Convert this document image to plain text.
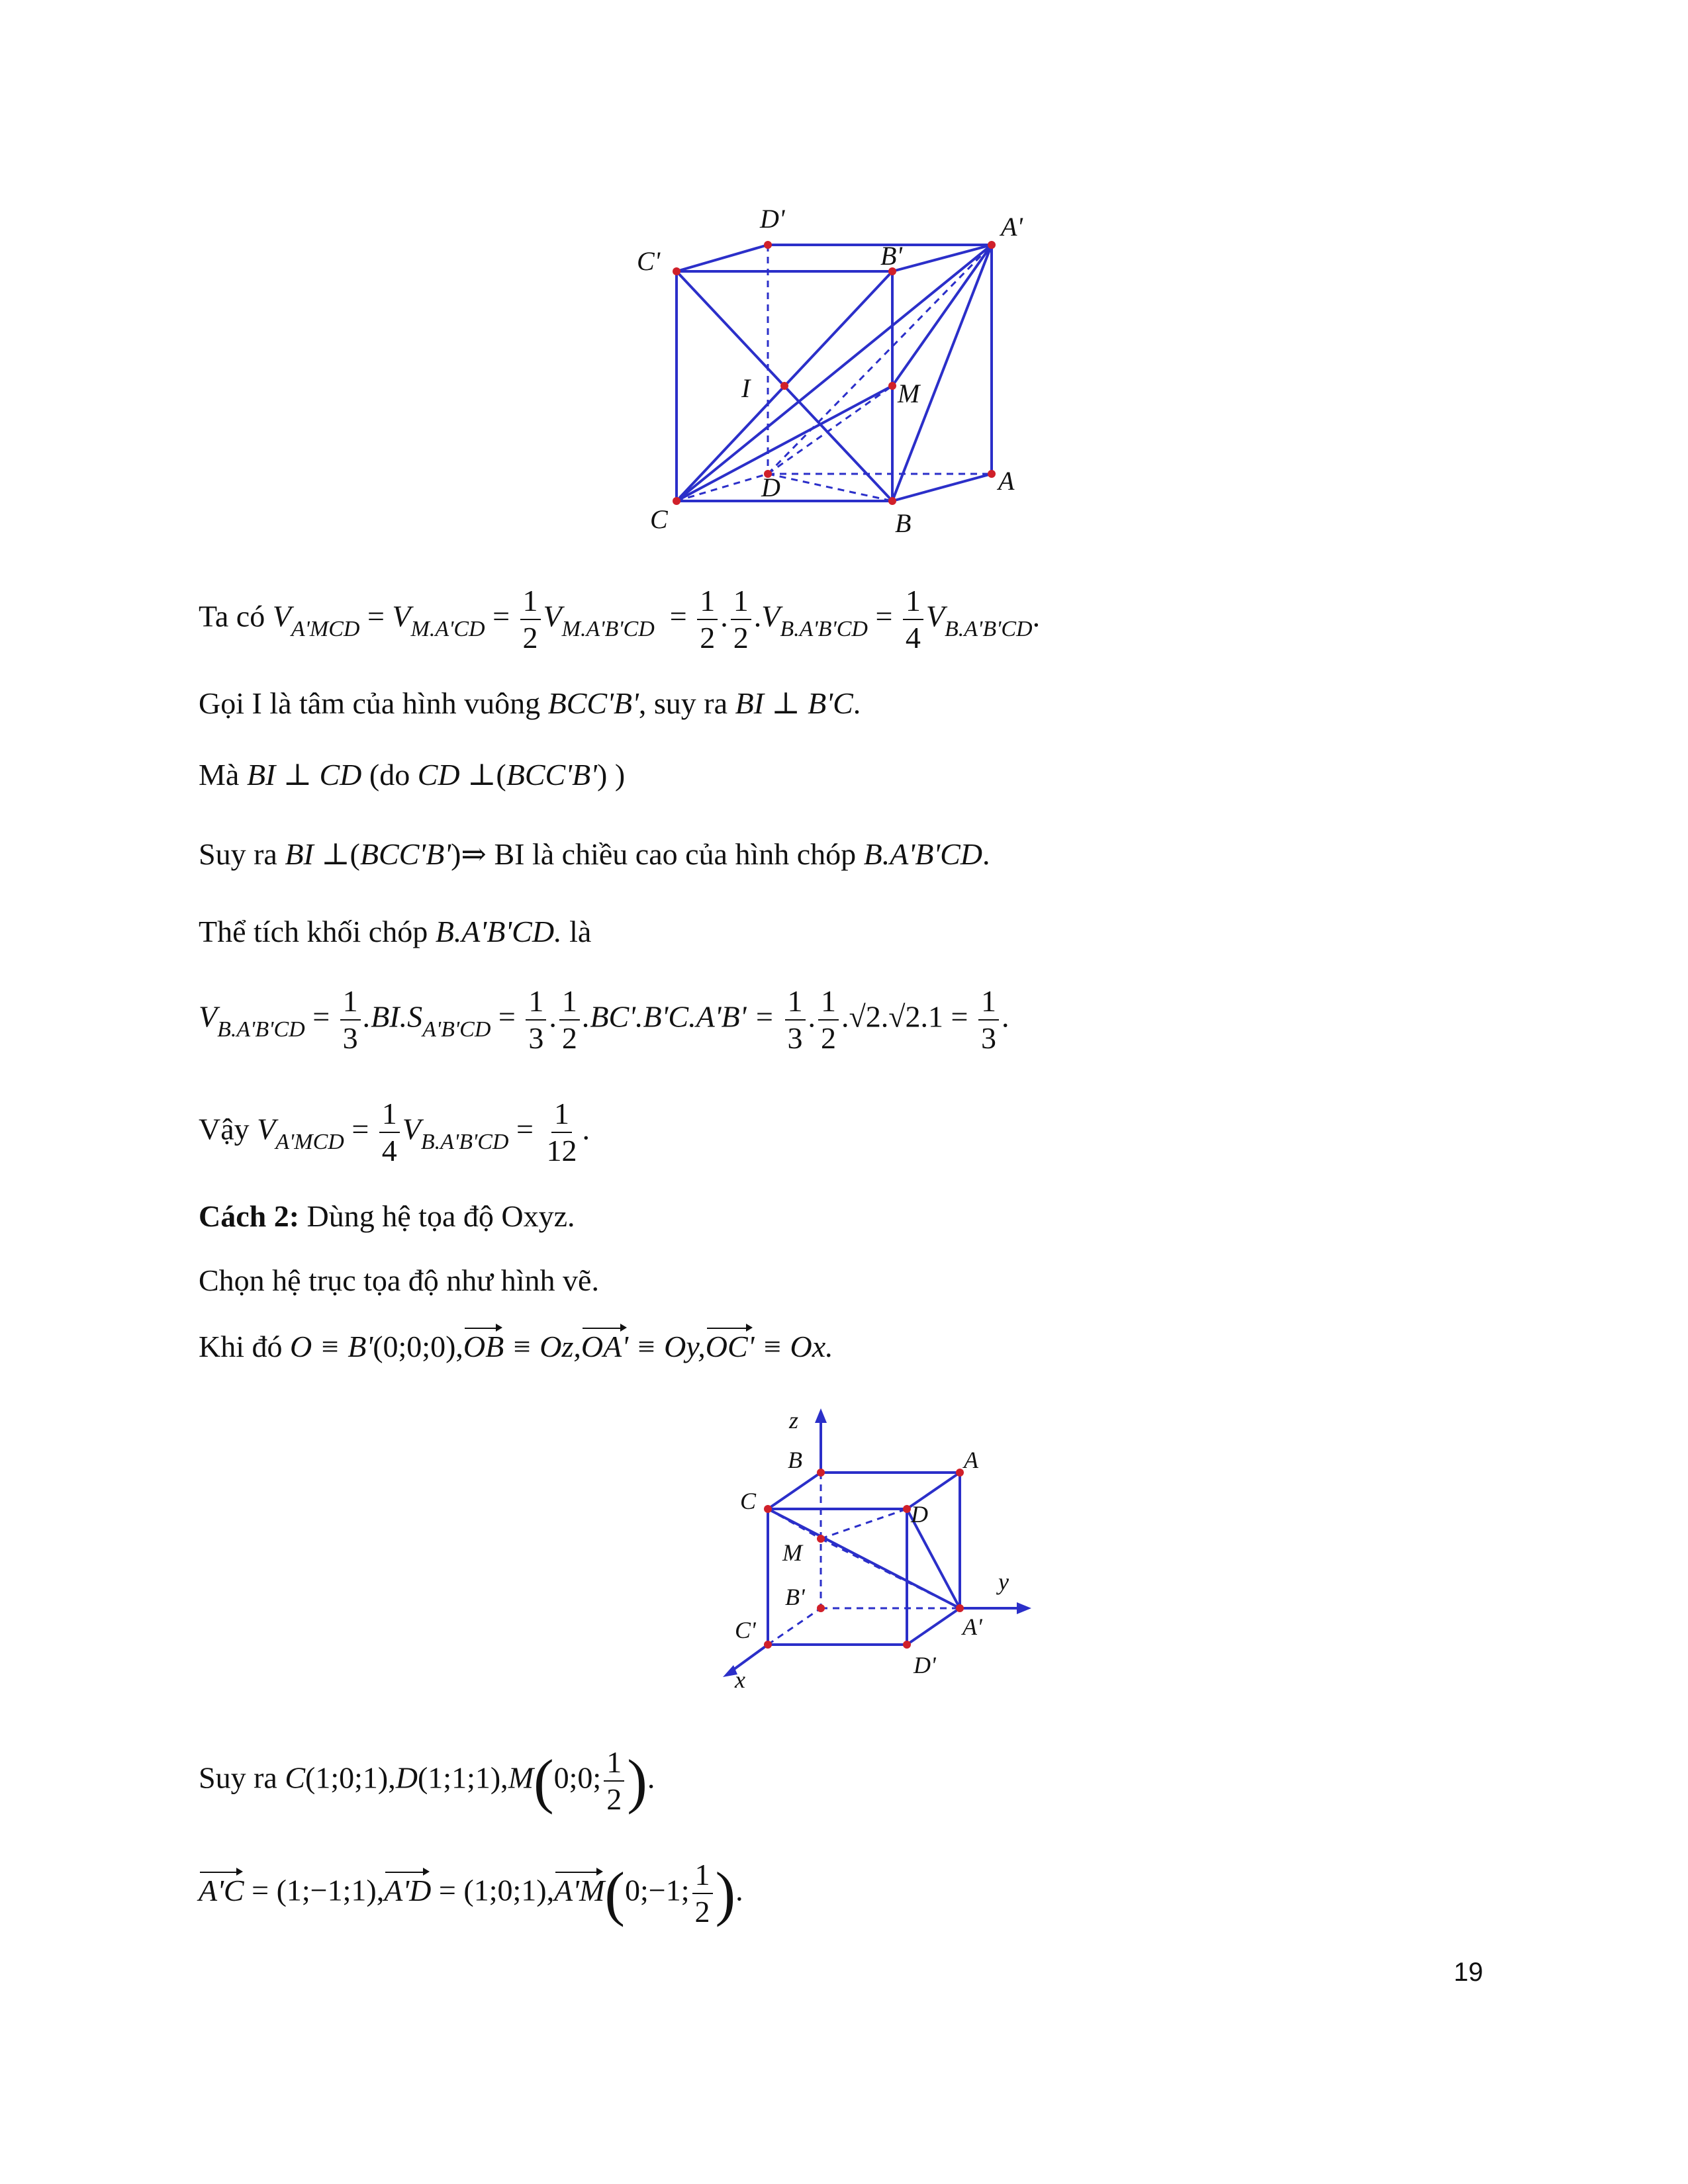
D'	A'
C'	B'
I	M
D	A
C	B
Ta có $V_{A'MCD} = V_{M.A'CD} = \frac{1}{2} V_{M.A'B'CD} = \frac{1}{2}$ . $\frac{1}{2} .V_{B.A'B'CD} = \frac{1}{4} V_{B.A'B'CD}$.
Gọi I là tâm của hình vuông BCC'B', suy ra BI ⊥ B'C.
Mà BI ⊥ CD (do CD ⊥(BCC'B') )
Suy ra BI ⊥(BCC'B')⇒ BI là chiều cao của hình chóp B.A'B'CD.
Thể tích khối chóp B.A'B'CD. là
$V_{B.A'B'CD} = \frac{1}{3} .BI.S_{A'B'CD} = \frac{1}{3}$ . $\frac{1}{2} .BC'.B'C.A'B' = \frac{1}{3}$ . $\frac{1}{2} .√2.√2.1 = \frac{1}{3}$ .
Vậy $V_{A'MCD} = \frac{1}{4} V_{B.A'B'CD} = \frac{1}{12}$ .
Cách 2: Dùng hệ tọa độ Oxyz.
Chọn hệ trục tọa độ như hình vẽ.
Khi đó O ≡ B'(0;0;0),OB ≡ Oz,OA' ≡ Oy,OC' ≡ Ox.
z
B	A
C	D
M
y
B'
C'	A'
D'
x
Suy ra C(1;0;1),D(1;1;1),M(0;0; $\frac{1}{2}$ ).
A'C = (1;−1;1),A'D = (1;0;1),A'M(0;−1; $\frac{1}{2}$ ).
19
